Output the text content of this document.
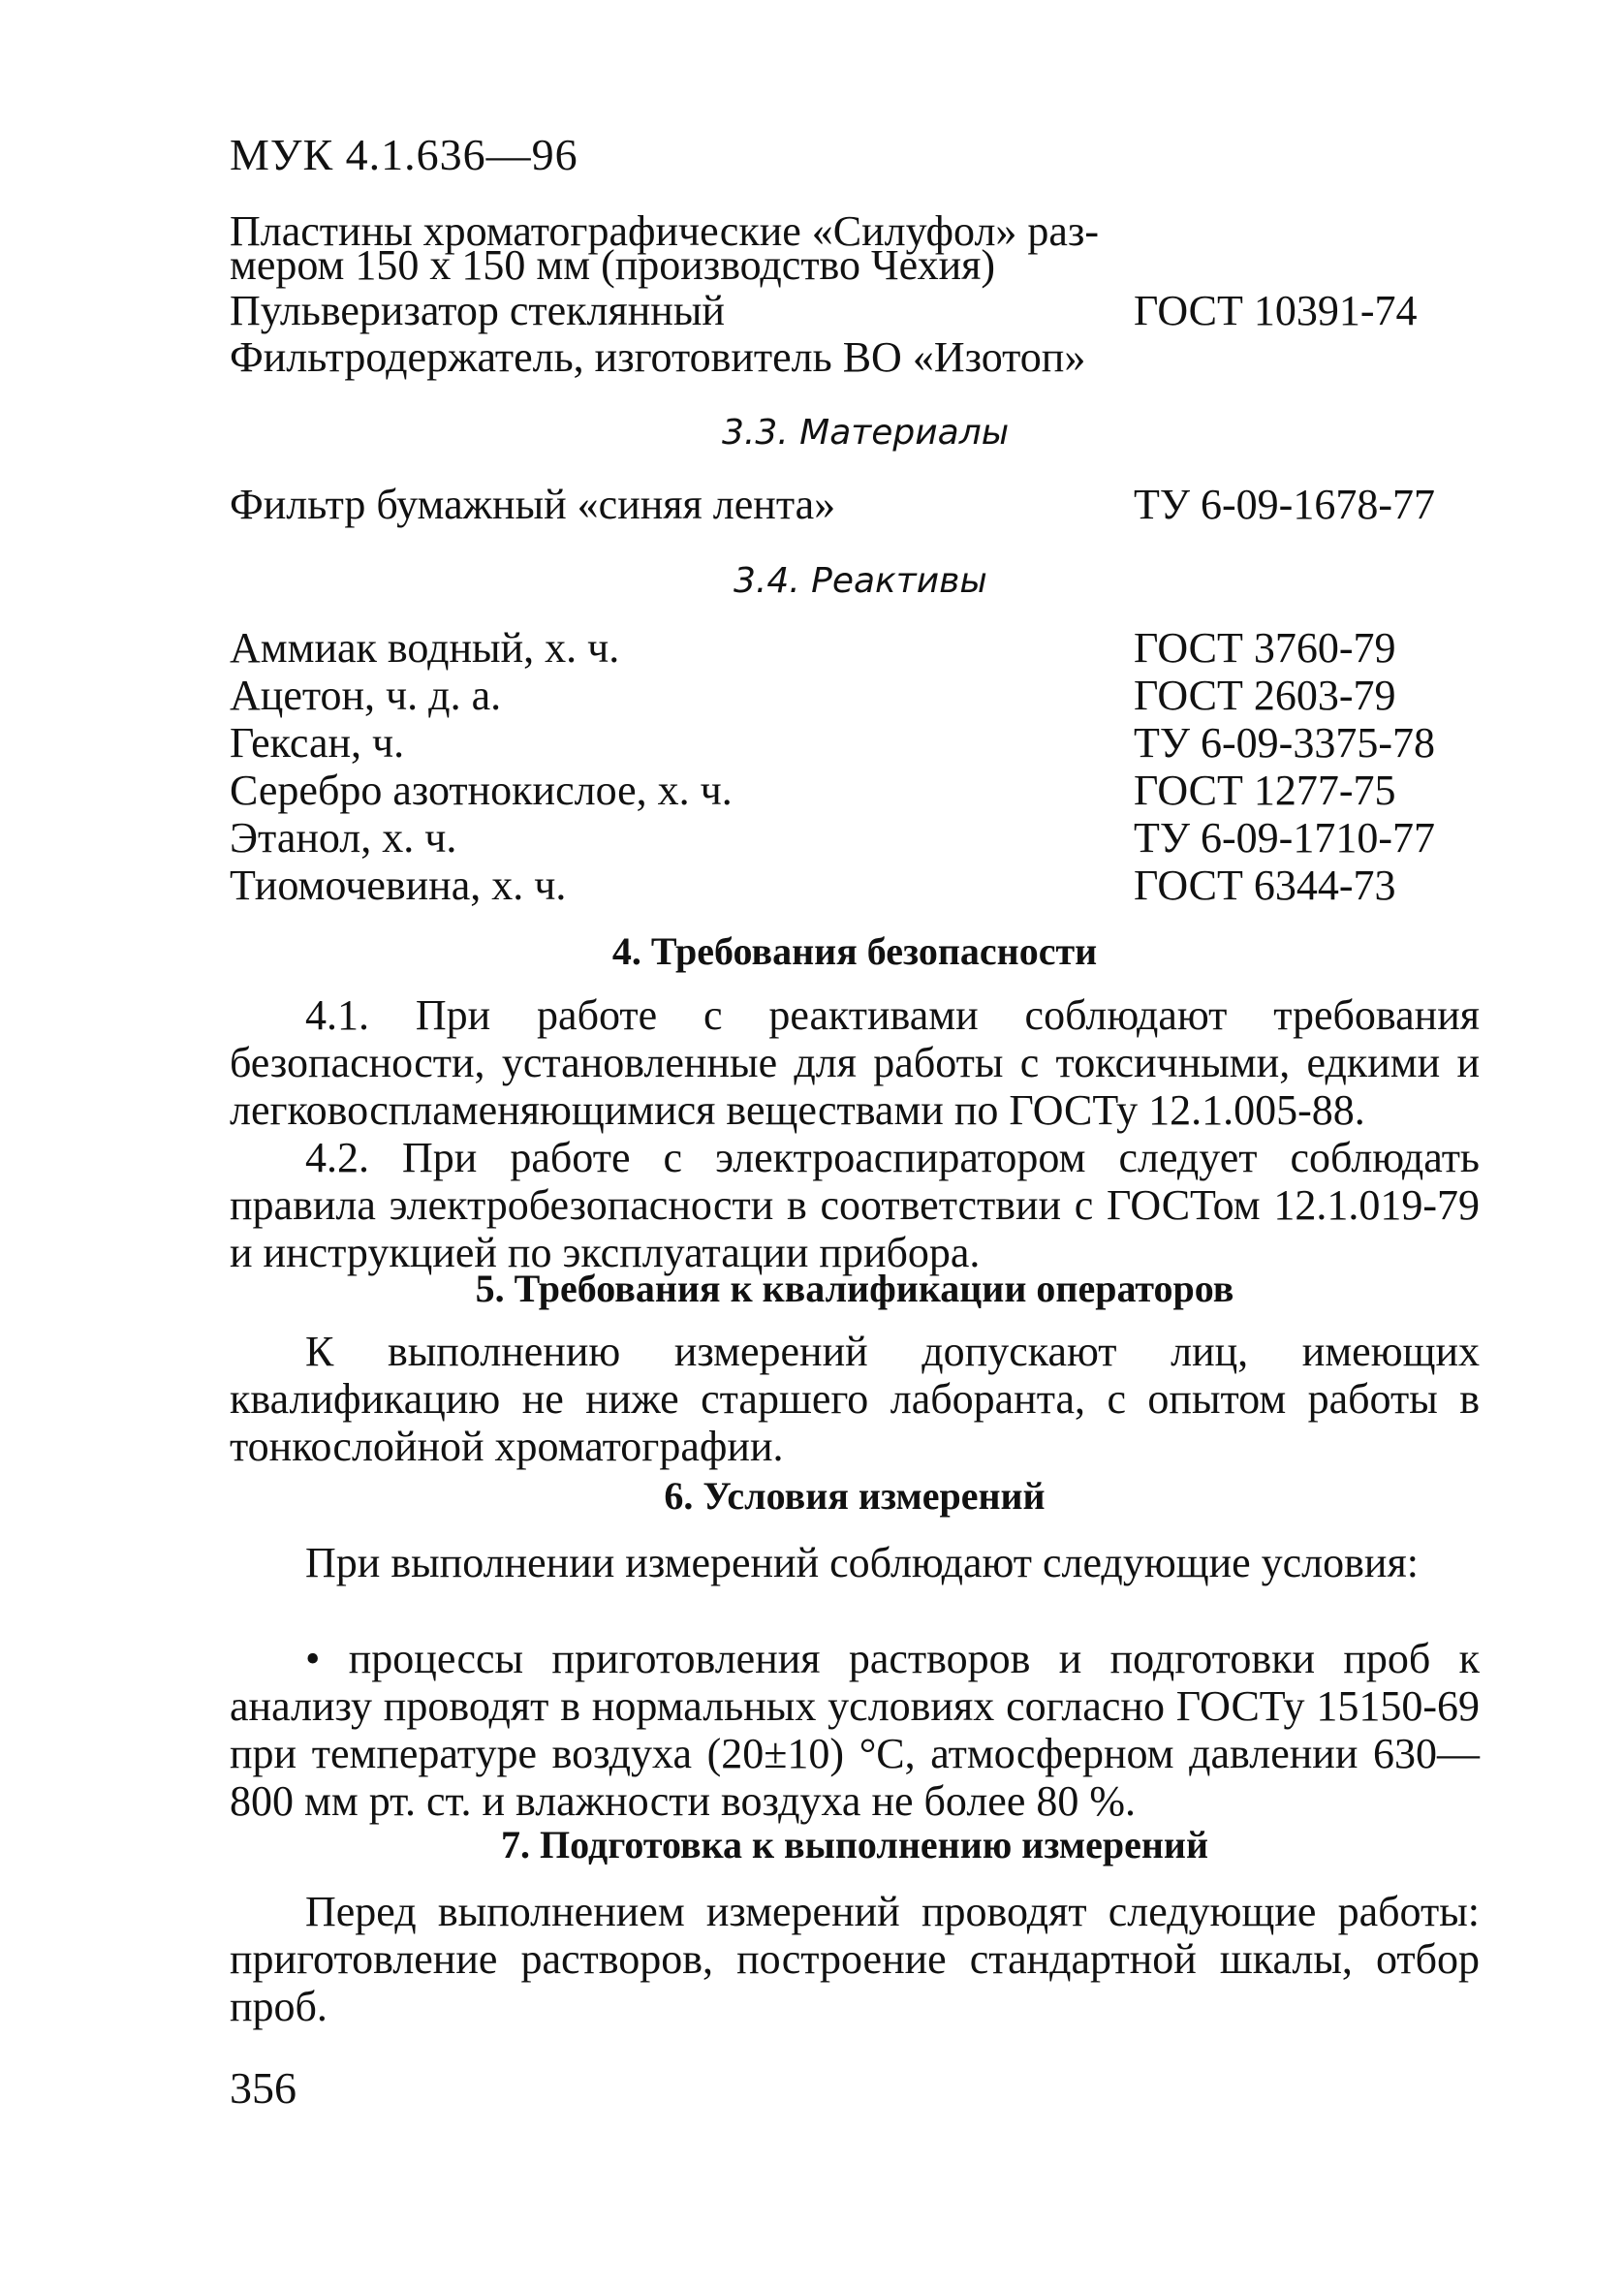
МУК 4.1.636—96
Пластины хроматографические «Силуфол» раз-
мером 150 х 150 мм (производство Чехия)
Пульверизатор стеклянный	ГОСТ 10391-74
Фильтродержатель, изготовитель ВО «Изотоп»
3.3. Материалы
Фильтр бумажный «синяя лента»	ТУ 6-09-1678-77
3.4. Реактивы
Аммиак водный, х. ч.	ГОСТ 3760-79
Ацетон, ч. д. а.	ГОСТ 2603-79
Гексан, ч.	ТУ 6-09-3375-78
Серебро азотнокислое, х. ч.	ГОСТ 1277-75
Этанол, х. ч.	ТУ 6-09-1710-77
Тиомочевина, х. ч.	ГОСТ 6344-73
4. Требования безопасности
4.1. При работе с реактивами соблюдают требования безопасности, установленные для работы с токсичными, едкими и легковоспламеняющимися веществами по ГОСТу 12.1.005-88.
4.2. При работе с электроаспиратором следует соблюдать правила электробезопасности в соответствии с ГОСТом 12.1.019-79 и инструкцией по эксплуатации прибора.
5. Требования к квалификации операторов
К выполнению измерений допускают лиц, имеющих квалификацию не ниже старшего лаборанта, с опытом работы в тонкослойной хроматографии.
6. Условия измерений
При выполнении измерений соблюдают следующие условия:
• процессы приготовления растворов и подготовки проб к анализу проводят в нормальных условиях согласно ГОСТу 15150-69 при температуре воздуха (20±10) °С, атмосферном давлении 630—800 мм рт. ст. и влажности воздуха не более 80 %.
7. Подготовка к выполнению измерений
Перед выполнением измерений проводят следующие работы: приготовление растворов, построение стандартной шкалы, отбор проб.
356
